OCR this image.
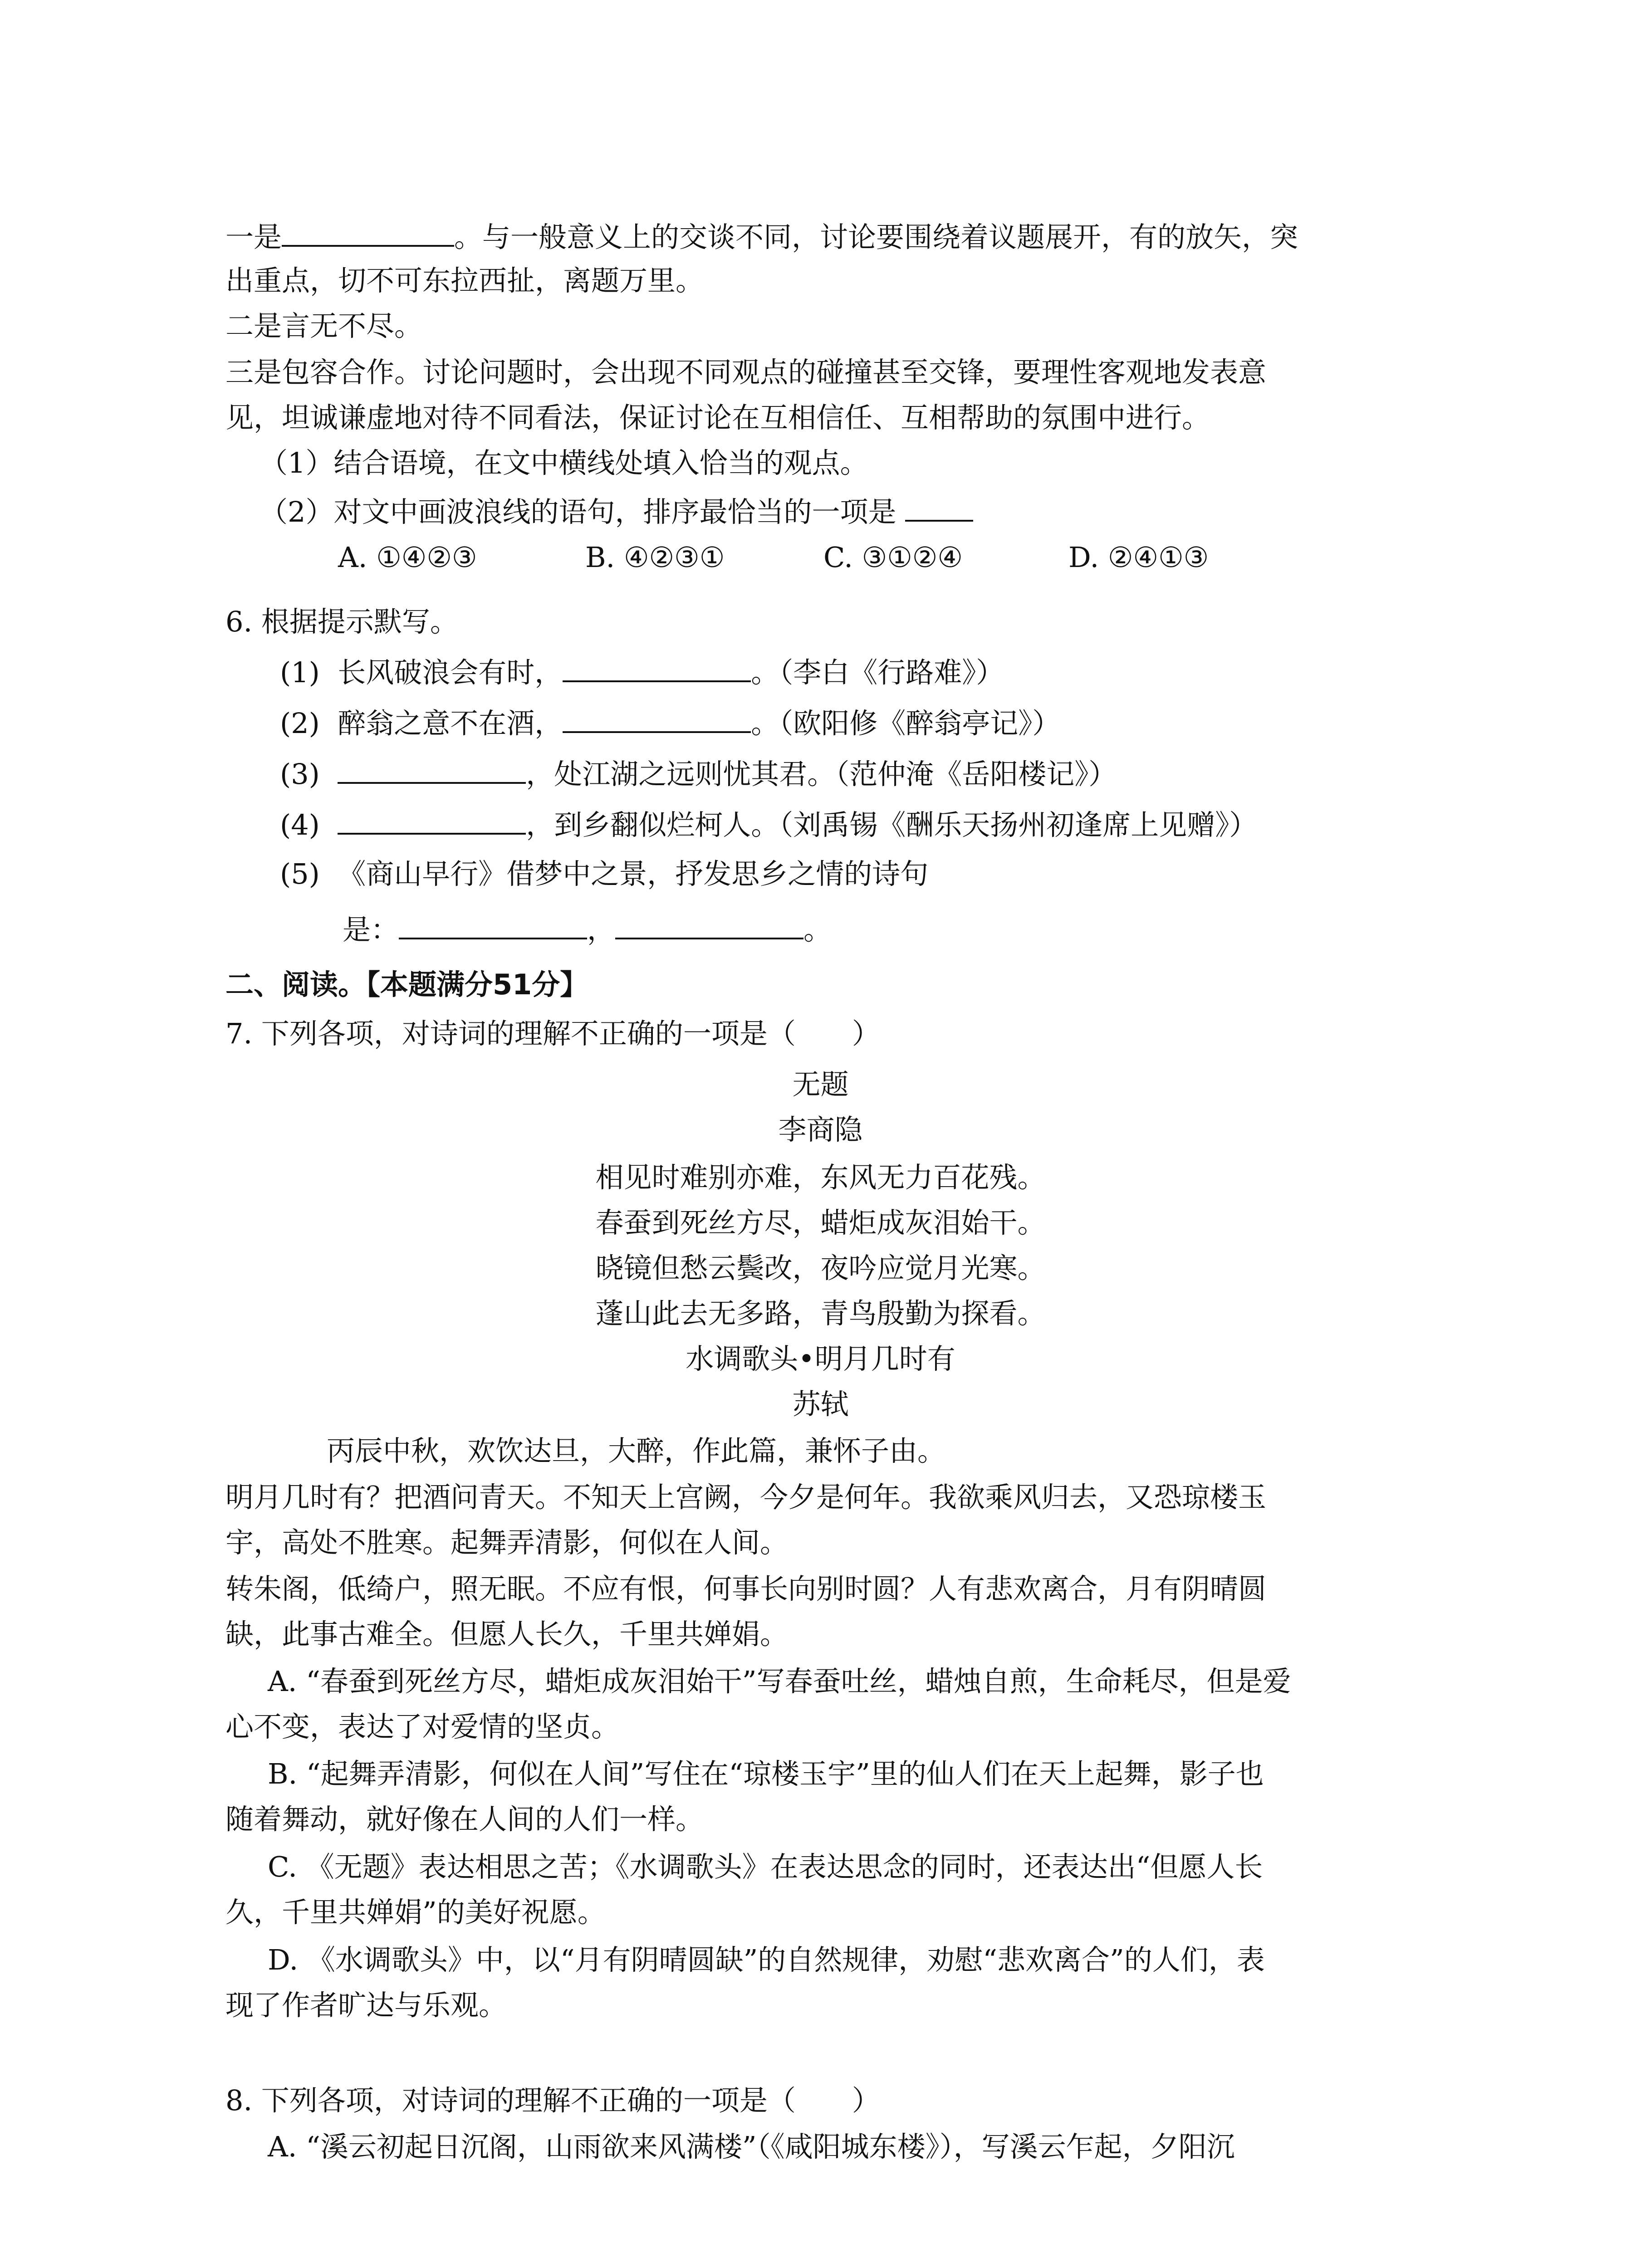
一是	。与一般意义上的交谈不同，讨论要围绕着议题展开，有的放矢，突
出重点，切不可东拉西扯，离题万里。
二是言无不尽。
三是包容合作。讨论问题时，会出现不同观点的碰撞甚至交锋，要理性客观地发表意
见，坦诚谦虚地对待不同看法，保证讨论在互相信任、互相帮助的氛围中进行。
（1）结合语境，在文中横线处填入恰当的观点。
（2）对文中画波浪线的语句，排序最恰当的一项是
A. ①④②③	B. ④②③①	C. ③①②④	D. ②④①③
6. 根据提示默写。
(1) 长风破浪会有时，	。（李白《行路难》）
(2) 醉翁之意不在酒，	。（欧阳修《醉翁亭记》）
(3)	，处江湖之远则忧其君。（范仲淹《岳阳楼记》）
(4)	，到乡翻似烂柯人。（刘禹锡《酬乐天扬州初逢席上见赠》）
(5) 《商山早行》借梦中之景，抒发思乡之情的诗句
是：	，	。
二、阅读。【本题满分51分】
7. 下列各项，对诗词的理解不正确的一项是（　　）
无题
李商隐
相见时难别亦难，东风无力百花残。
春蚕到死丝方尽，蜡炬成灰泪始干。
晓镜但愁云鬓改，夜吟应觉月光寒。
蓬山此去无多路，青鸟殷勤为探看。
水调歌头•明月几时有
苏轼
丙辰中秋，欢饮达旦，大醉，作此篇，兼怀子由。
明月几时有？把酒问青天。不知天上宫阙，今夕是何年。我欲乘风归去，又恐琼楼玉
宇，高处不胜寒。起舞弄清影，何似在人间。
转朱阁，低绮户，照无眠。不应有恨，何事长向别时圆？人有悲欢离合，月有阴晴圆
缺，此事古难全。但愿人长久，千里共婵娟。
A. “春蚕到死丝方尽，蜡炬成灰泪始干”写春蚕吐丝，蜡烛自煎，生命耗尽，但是爱
心不变，表达了对爱情的坚贞。
B. “起舞弄清影，何似在人间”写住在“琼楼玉宇”里的仙人们在天上起舞，影子也
随着舞动，就好像在人间的人们一样。
C. 《无题》表达相思之苦；《水调歌头》在表达思念的同时，还表达出“但愿人长
久，千里共婵娟”的美好祝愿。
D. 《水调歌头》中，以“月有阴晴圆缺”的自然规律，劝慰“悲欢离合”的人们，表
现了作者旷达与乐观。
8. 下列各项，对诗词的理解不正确的一项是（　　）
A. “溪云初起日沉阁，山雨欲来风满楼”（《咸阳城东楼》），写溪云乍起，夕阳沉
